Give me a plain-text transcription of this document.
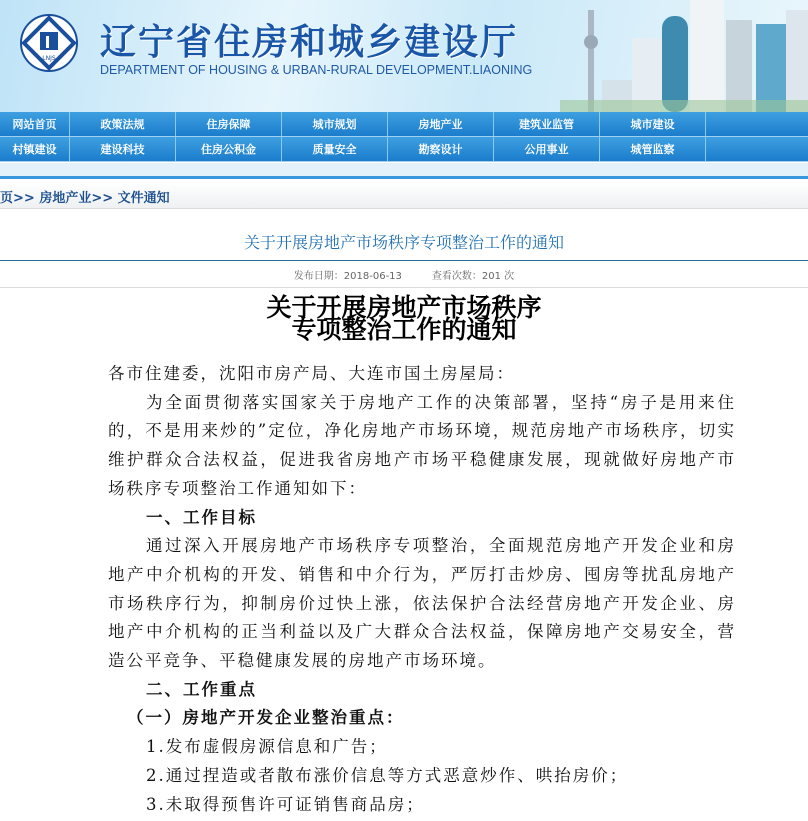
LNJS 辽宁省住房和城乡建设厅
DEPARTMENT OF HOUSING & URBAN-RURAL DEVELOPMENT.LIAONING
网站首页	政策法规	住房保障	城市规划	房地产业	建筑业监管	城市建设
村镇建设	建设科技	住房公积金	质量安全	勘察设计	公用事业	城管监察
页>> 房地产业>> 文件通知
关于开展房地产市场秩序专项整治工作的通知
发布日期：2018-06-13　　　查看次数：201 次
关于开展房地产市场秩序
专项整治工作的通知

各市住建委，沈阳市房产局、大连市国土房屋局：

为全面贯彻落实国家关于房地产工作的决策部署，坚持“房子是用来住的，不是用来炒的”定位，净化房地产市场环境，规范房地产市场秩序，切实维护群众合法权益，促进我省房地产市场平稳健康发展，现就做好房地产市场秩序专项整治工作通知如下：

一、工作目标

通过深入开展房地产市场秩序专项整治，全面规范房地产开发企业和房地产中介机构的开发、销售和中介行为，严厉打击炒房、囤房等扰乱房地产市场秩序行为，抑制房价过快上涨，依法保护合法经营房地产开发企业、房地产中介机构的正当利益以及广大群众合法权益，保障房地产交易安全，营造公平竞争、平稳健康发展的房地产市场环境。

二、工作重点

（一）房地产开发企业整治重点：

1.发布虚假房源信息和广告；

2.通过捏造或者散布涨价信息等方式恶意炒作、哄抬房价；

3.未取得预售许可证销售商品房；
